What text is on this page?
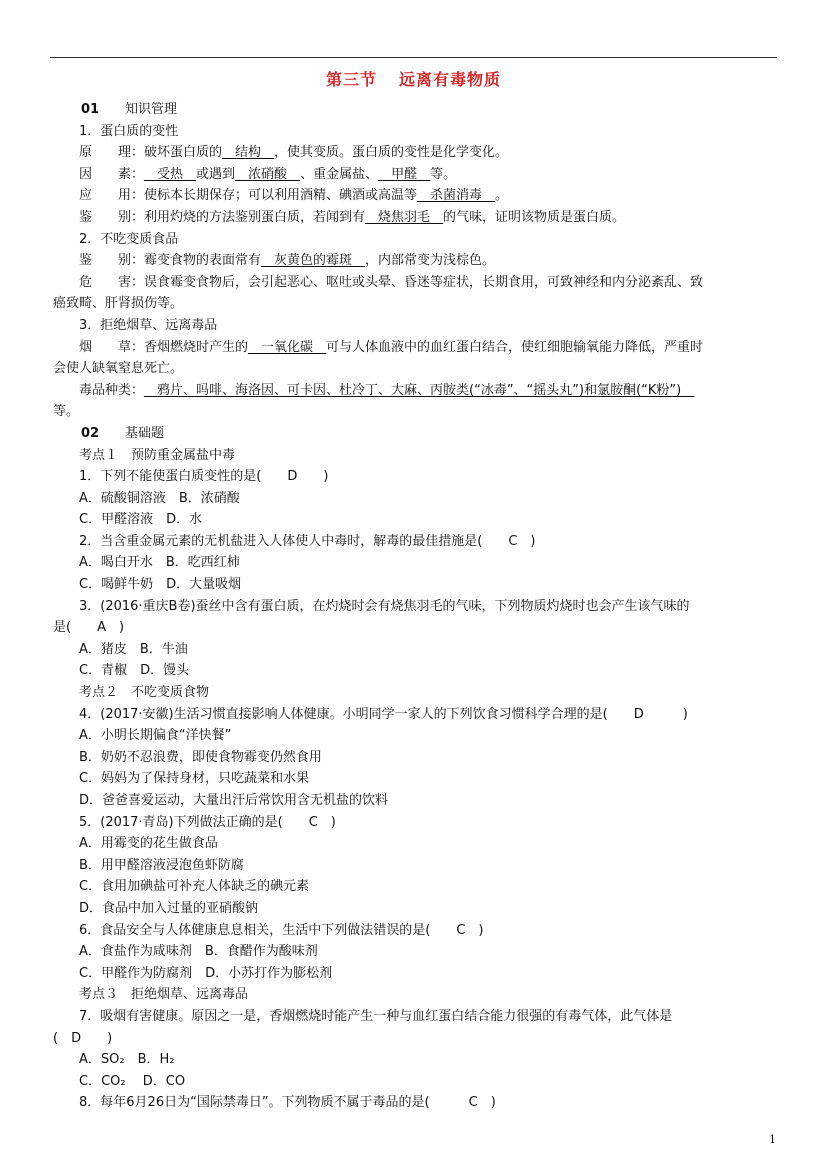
第三节 远离有毒物质
01 知识管理
1．蛋白质的变性
原　　理：破坏蛋白质的__结构__，使其变质。蛋白质的变性是化学变化。
因　　素：__受热__或遇到__浓硝酸__、重金属盐、__甲醛__等。
应　　用：使标本长期保存；可以利用酒精、碘酒或高温等__杀菌消毒__。
鉴　　别：利用灼烧的方法鉴别蛋白质，若闻到有__烧焦羽毛__的气味，证明该物质是蛋白质。
2．不吃变质食品
鉴　　别：霉变食物的表面常有__灰黄色的霉斑__，内部常变为浅棕色。
危　　害：误食霉变食物后，会引起恶心、呕吐或头晕、昏迷等症状，长期食用，可致神经和内分泌紊乱、致
癌致畸、肝肾损伤等。
3．拒绝烟草、远离毒品
烟　　草：香烟燃烧时产生的__一氧化碳__可与人体血液中的血红蛋白结合，使红细胞输氧能力降低，严重时
会使人缺氧窒息死亡。
毒品种类：__鸦片、吗啡、海洛因、可卡因、杜冷丁、大麻、丙胺类(“冰毒”、“摇头丸”)和氯胺酮(“K粉”)__
等。
02 基础题
考点１　预防重金属盐中毒
1．下列不能使蛋白质变性的是(　　D　　)
A．硫酸铜溶液　B．浓硝酸
C．甲醛溶液　D．水
2．当含重金属元素的无机盐进入人体使人中毒时，解毒的最佳措施是(　　C　)
A．喝白开水　B．吃西红柿
C．喝鲜牛奶　D．大量吸烟
3．(2016·重庆B卷)蚕丝中含有蛋白质，在灼烧时会有烧焦羽毛的气味，下列物质灼烧时也会产生该气味的
是(　　A　)
A．猪皮　B．牛油
C．青椒　D．馒头
考点２　不吃变质食物
4．(2017·安徽)生活习惯直接影响人体健康。小明同学一家人的下列饮食习惯科学合理的是(　　D　　　)
A．小明长期偏食“洋快餐”
B．奶奶不忍浪费，即使食物霉变仍然食用
C．妈妈为了保持身材，只吃蔬菜和水果
D．爸爸喜爱运动，大量出汗后常饮用含无机盐的饮料
5．(2017·青岛)下列做法正确的是(　　C　)
A．用霉变的花生做食品
B．用甲醛溶液浸泡鱼虾防腐
C．食用加碘盐可补充人体缺乏的碘元素
D．食品中加入过量的亚硝酸钠
6．食品安全与人体健康息息相关，生活中下列做法错误的是(　　C　)
A．食盐作为咸味剂　B．食醋作为酸味剂
C．甲醛作为防腐剂　D．小苏打作为膨松剂
考点３　拒绝烟草、远离毒品
7．吸烟有害健康。原因之一是，香烟燃烧时能产生一种与血红蛋白结合能力很强的有毒气体，此气体是
(　D　　)
A．SO₂　B．H₂
C．CO₂　 D．CO
8．每年6月26日为“国际禁毒日”。下列物质不属于毒品的是(　　　C　)
1
